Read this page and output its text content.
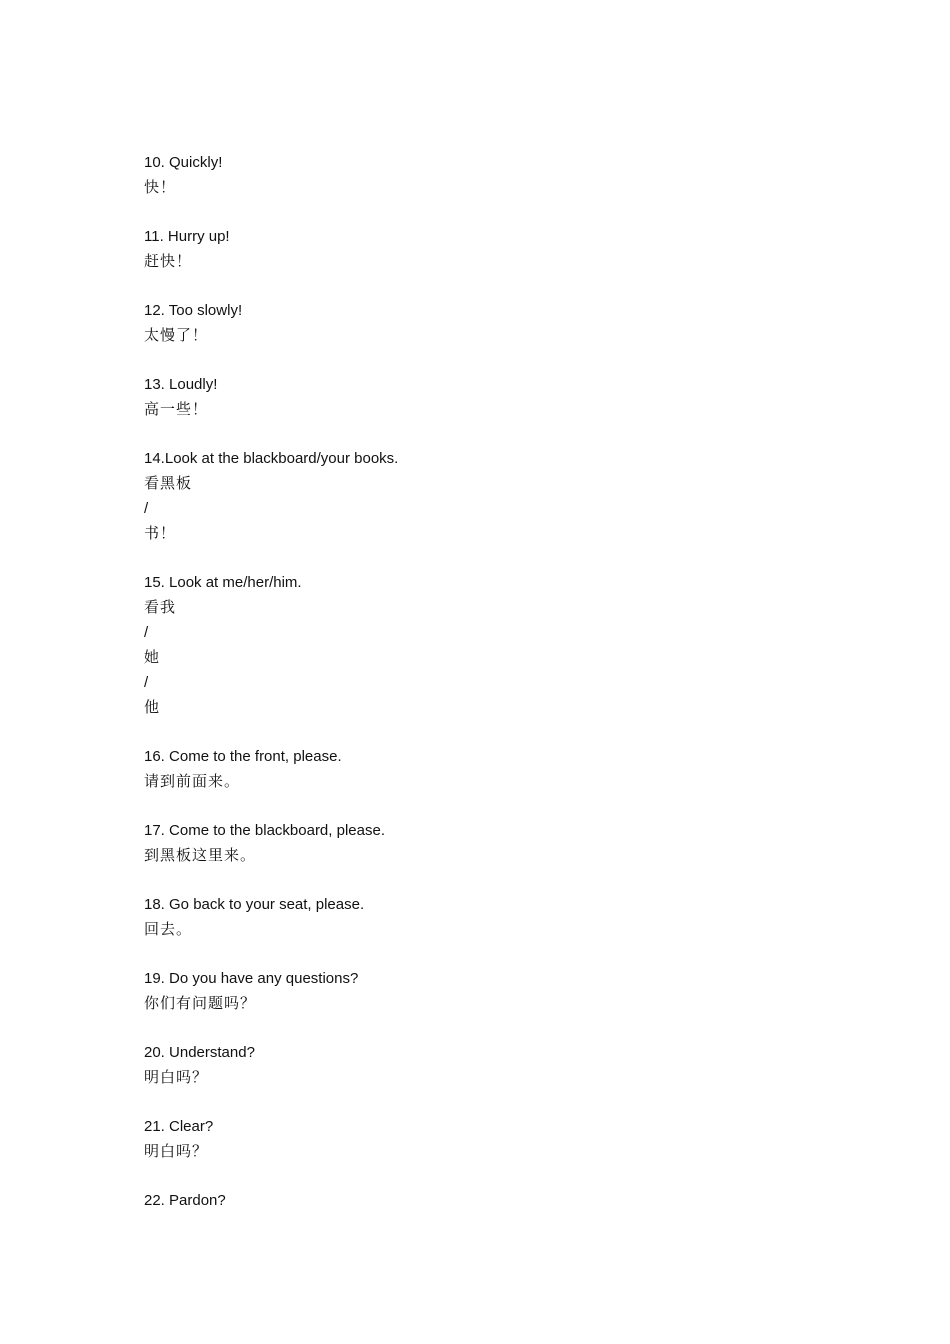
10. Quickly!
快！
11. Hurry up!
赶快！
12. Too slowly!
太慢了！
13. Loudly!
高一些！
14.Look at the blackboard/your books.
看黑板
/
书！
15. Look at me/her/him.
看我
/
她
/
他
16. Come to the front, please.
请到前面来。
17. Come to the blackboard, please.
到黑板这里来。
18. Go back to your seat, please.
回去。
19. Do you have any questions?
你们有问题吗？
20. Understand?
明白吗？
21. Clear?
明白吗？
22. Pardon?
